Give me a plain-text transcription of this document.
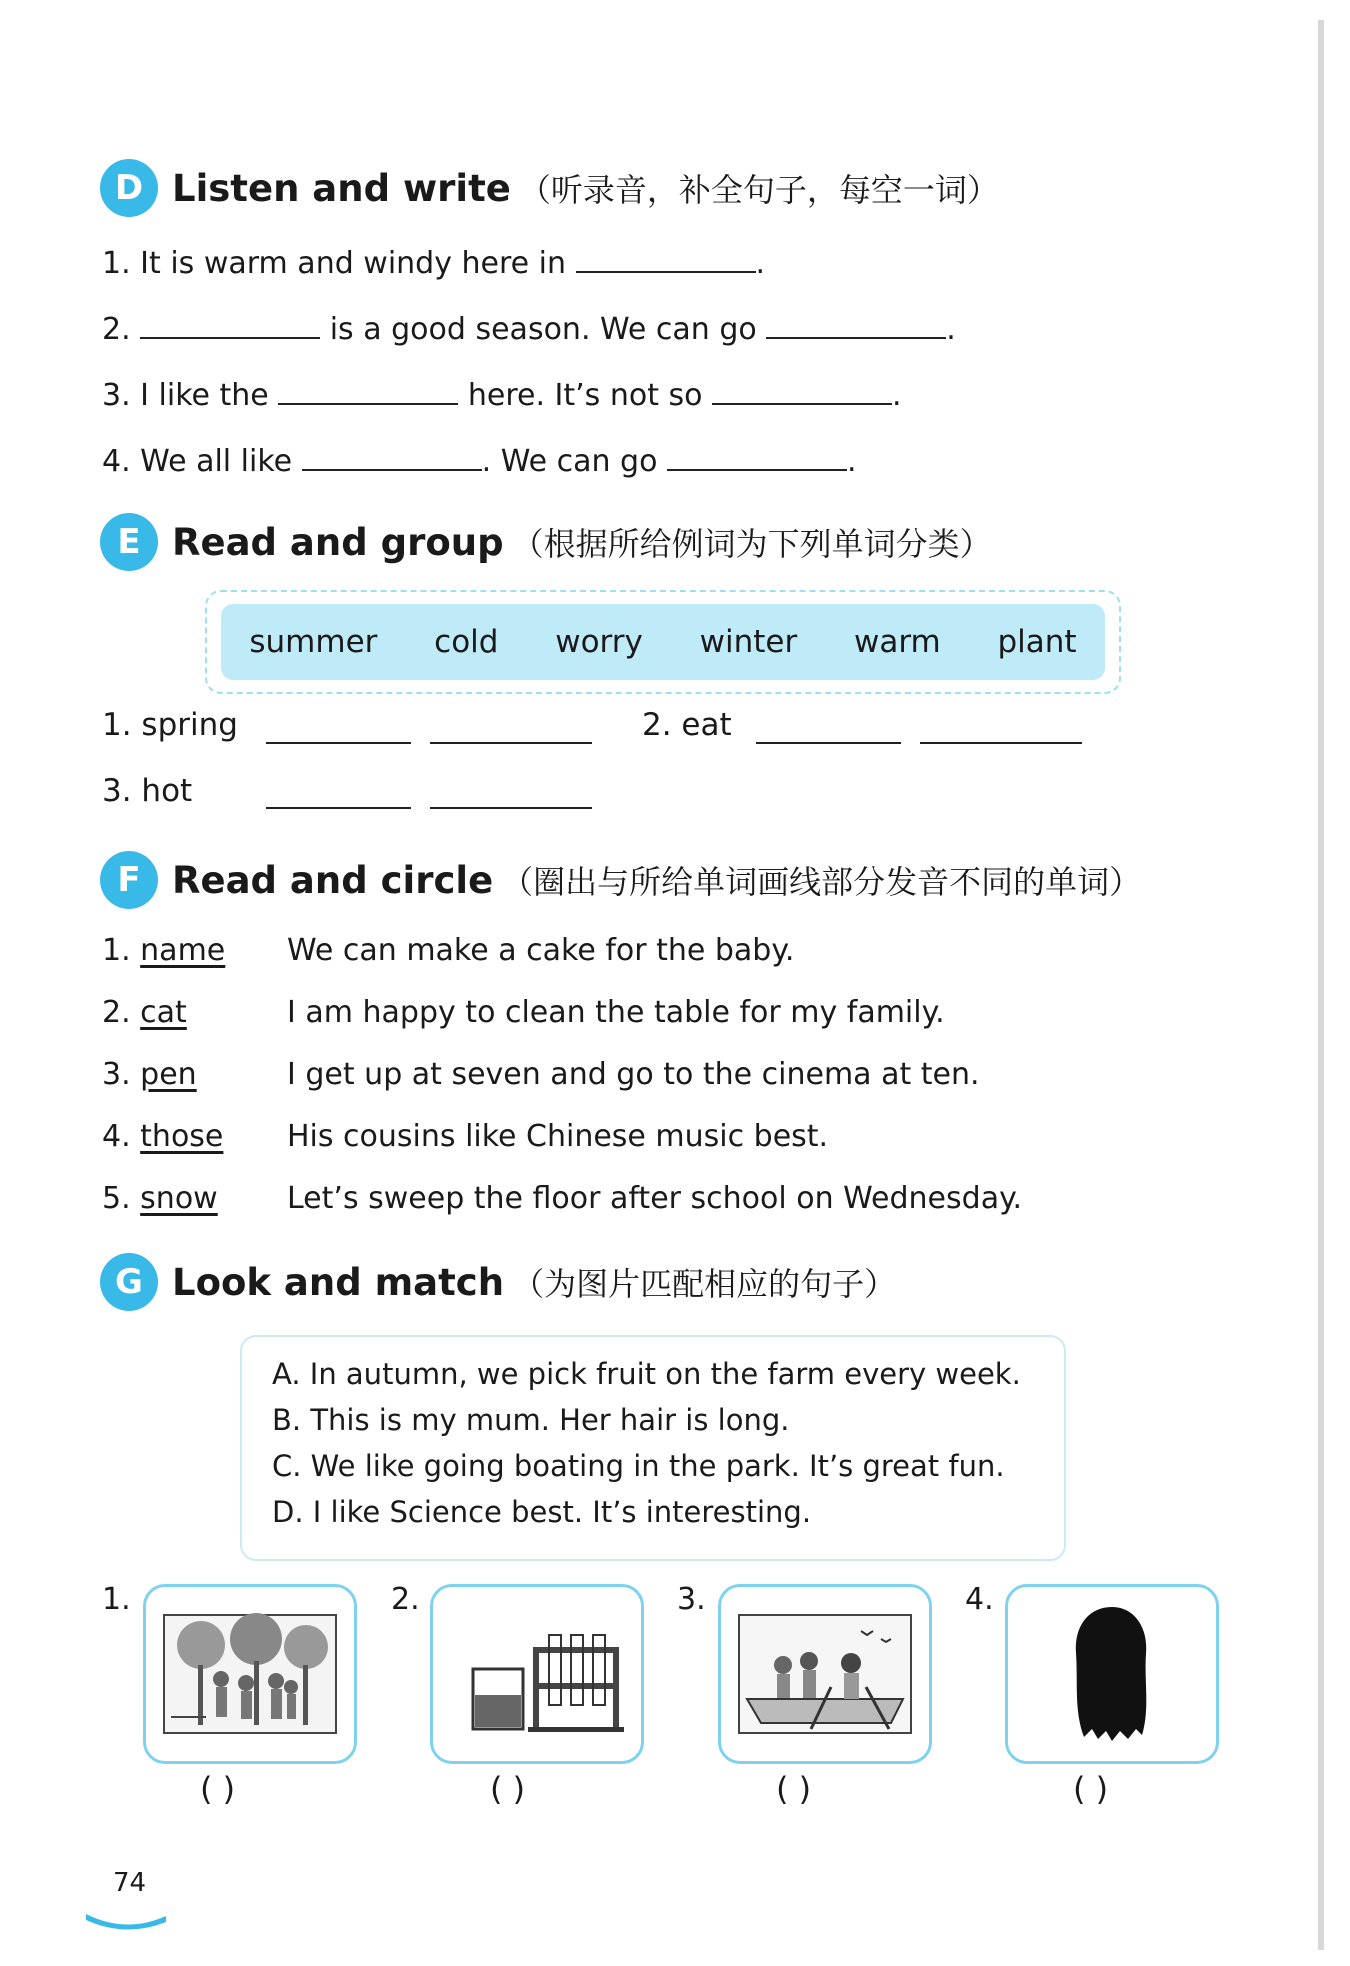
D Listen and write （听录音，补全句子，每空一词）
1. It is warm and windy here in	.
2.	is a good season. We can go	.
3. I like the	here. It’s not so	.
4. We all like	. We can go	.
E Read and group （根据所给例词为下列单词分类）
summer cold worry winter warm plant
1. spring	2. eat
3. hot
F Read and circle （圈出与所给单词画线部分发音不同的单词）
1. name We can make a cake for the baby.
2. cat	I am happy to clean the table for my family.
3. pen	I get up at seven and go to the cinema at ten.
4. those His cousins like Chinese music best.
5. snow Let’s sweep the floor after school on Wednesday.
G Look and match （为图片匹配相应的句子）
A. In autumn, we pick fruit on the farm every week.
B. This is my mum. Her hair is long.
C. We like going boating in the park. It’s great fun.
D. I like Science best. It’s interesting.
1.
( )
2.
( )
3.
( )
4.
( )
74
